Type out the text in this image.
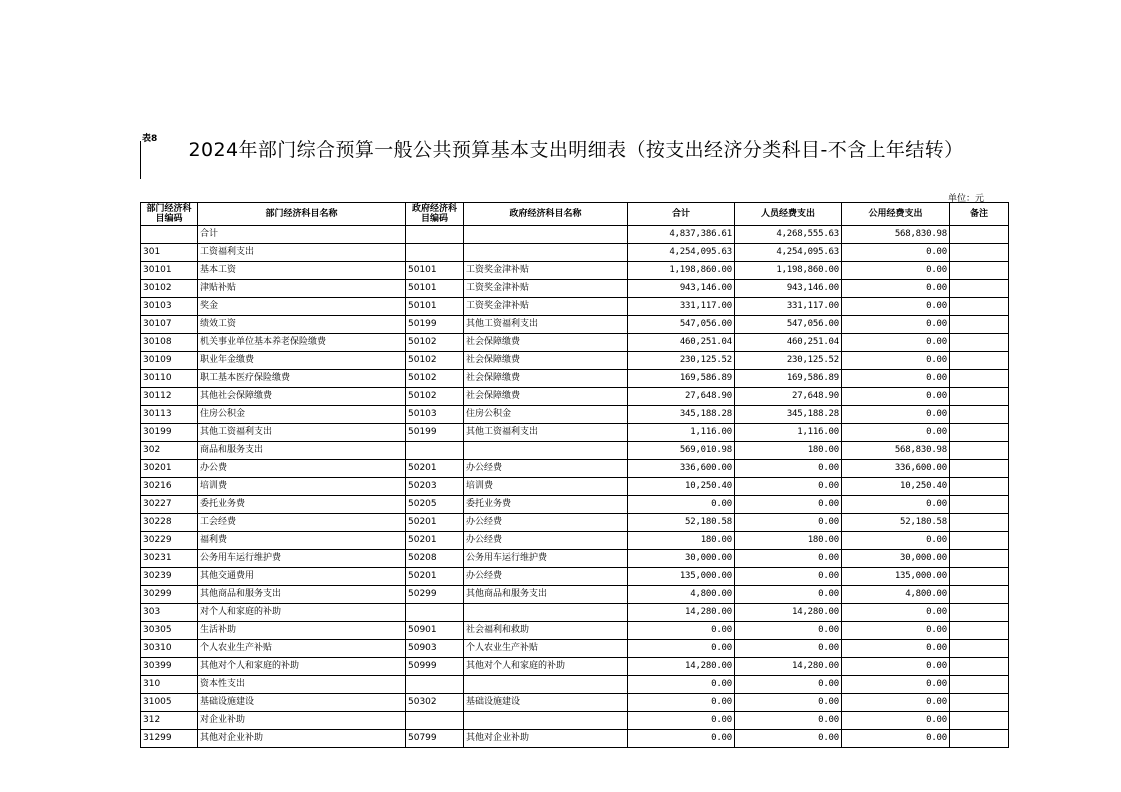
表8	2024年部门综合预算一般公共预算基本支出明细表（按支出经济分类科目-不含上年结转）
单位：元
部门经济科目编码	部门经济科目名称	政府经济科目编码	政府经济科目名称	合计	人员经费支出	公用经费支出	备注
	合计			4,837,386.61	4,268,555.63	568,830.98	
301	工资福利支出			4,254,095.63	4,254,095.63	0.00	
30101	基本工资	50101	工资奖金津补贴	1,198,860.00	1,198,860.00	0.00	
30102	津贴补贴	50101	工资奖金津补贴	943,146.00	943,146.00	0.00	
30103	奖金	50101	工资奖金津补贴	331,117.00	331,117.00	0.00	
30107	绩效工资	50199	其他工资福利支出	547,056.00	547,056.00	0.00	
30108	机关事业单位基本养老保险缴费	50102	社会保障缴费	460,251.04	460,251.04	0.00	
30109	职业年金缴费	50102	社会保障缴费	230,125.52	230,125.52	0.00	
30110	职工基本医疗保险缴费	50102	社会保障缴费	169,586.89	169,586.89	0.00	
30112	其他社会保障缴费	50102	社会保障缴费	27,648.90	27,648.90	0.00	
30113	住房公积金	50103	住房公积金	345,188.28	345,188.28	0.00	
30199	其他工资福利支出	50199	其他工资福利支出	1,116.00	1,116.00	0.00	
302	商品和服务支出			569,010.98	180.00	568,830.98	
30201	办公费	50201	办公经费	336,600.00	0.00	336,600.00	
30216	培训费	50203	培训费	10,250.40	0.00	10,250.40	
30227	委托业务费	50205	委托业务费	0.00	0.00	0.00	
30228	工会经费	50201	办公经费	52,180.58	0.00	52,180.58	
30229	福利费	50201	办公经费	180.00	180.00	0.00	
30231	公务用车运行维护费	50208	公务用车运行维护费	30,000.00	0.00	30,000.00	
30239	其他交通费用	50201	办公经费	135,000.00	0.00	135,000.00	
30299	其他商品和服务支出	50299	其他商品和服务支出	4,800.00	0.00	4,800.00	
303	对个人和家庭的补助			14,280.00	14,280.00	0.00	
30305	生活补助	50901	社会福利和救助	0.00	0.00	0.00	
30310	个人农业生产补贴	50903	个人农业生产补贴	0.00	0.00	0.00	
30399	其他对个人和家庭的补助	50999	其他对个人和家庭的补助	14,280.00	14,280.00	0.00	
310	资本性支出			0.00	0.00	0.00	
31005	基础设施建设	50302	基础设施建设	0.00	0.00	0.00	
312	对企业补助			0.00	0.00	0.00	
31299	其他对企业补助	50799	其他对企业补助	0.00	0.00	0.00	
